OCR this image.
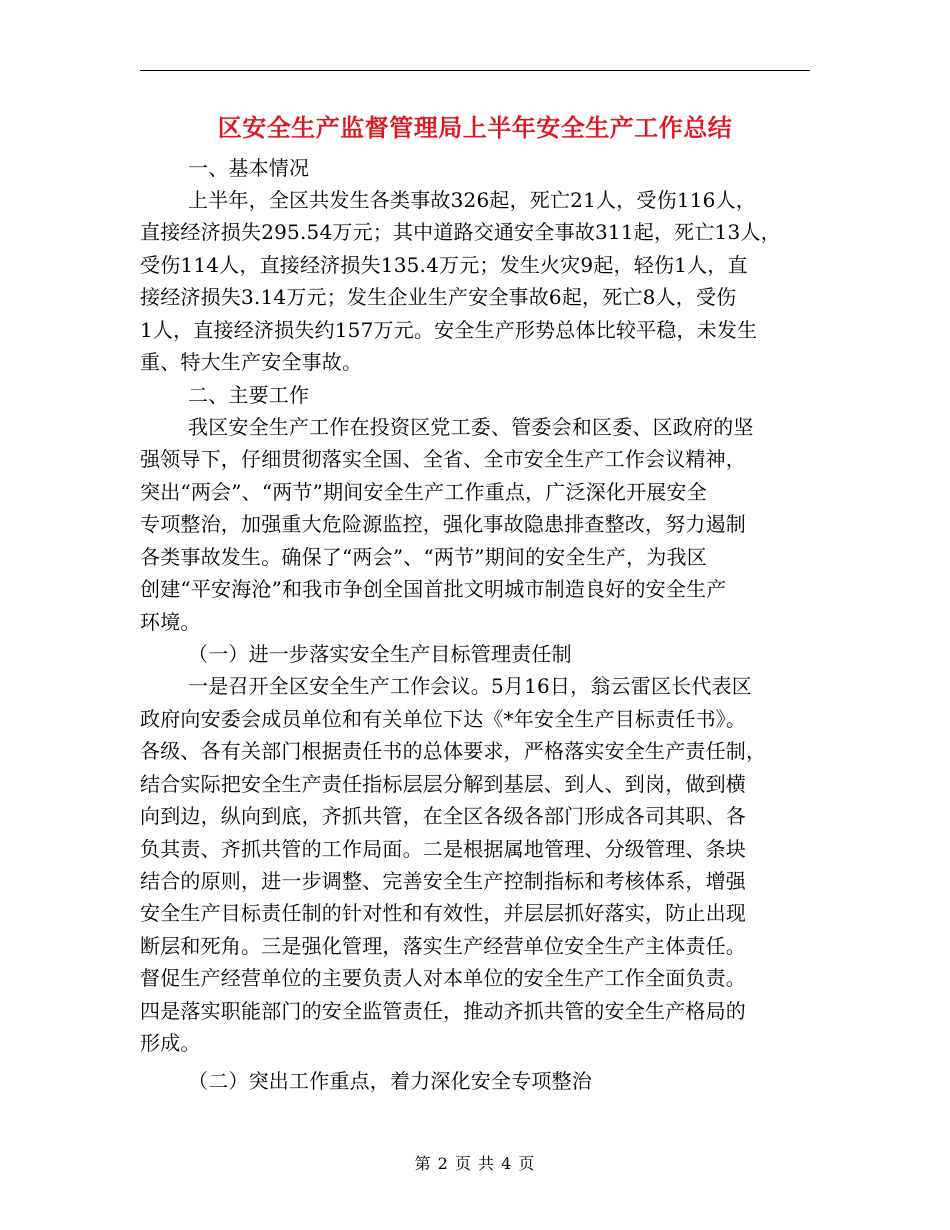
区安全生产监督管理局上半年安全生产工作总结
一、基本情况
上半年，全区共发生各类事故326起，死亡21人，受伤116人，
直接经济损失295.54万元；其中道路交通安全事故311起，死亡13人，
受伤114人，直接经济损失135.4万元；发生火灾9起，轻伤1人，直
接经济损失3.14万元；发生企业生产安全事故6起，死亡8人，受伤
1人，直接经济损失约157万元。安全生产形势总体比较平稳，未发生
重、特大生产安全事故。
二、主要工作
我区安全生产工作在投资区党工委、管委会和区委、区政府的坚
强领导下，仔细贯彻落实全国、全省、全市安全生产工作会议精神，
突出“两会”、“两节”期间安全生产工作重点，广泛深化开展安全
专项整治，加强重大危险源监控，强化事故隐患排查整改，努力遏制
各类事故发生。确保了“两会”、“两节”期间的安全生产，为我区
创建“平安海沧”和我市争创全国首批文明城市制造良好的安全生产
环境。
（一）进一步落实安全生产目标管理责任制
一是召开全区安全生产工作会议。5月16日，翁云雷区长代表区
政府向安委会成员单位和有关单位下达《*年安全生产目标责任书》。
各级、各有关部门根据责任书的总体要求，严格落实安全生产责任制，
结合实际把安全生产责任指标层层分解到基层、到人、到岗，做到横
向到边，纵向到底，齐抓共管，在全区各级各部门形成各司其职、各
负其责、齐抓共管的工作局面。二是根据属地管理、分级管理、条块
结合的原则，进一步调整、完善安全生产控制指标和考核体系，增强
安全生产目标责任制的针对性和有效性，并层层抓好落实，防止出现
断层和死角。三是强化管理，落实生产经营单位安全生产主体责任。
督促生产经营单位的主要负责人对本单位的安全生产工作全面负责。
四是落实职能部门的安全监管责任，推动齐抓共管的安全生产格局的
形成。
（二）突出工作重点，着力深化安全专项整治
第 2 页 共 4 页
